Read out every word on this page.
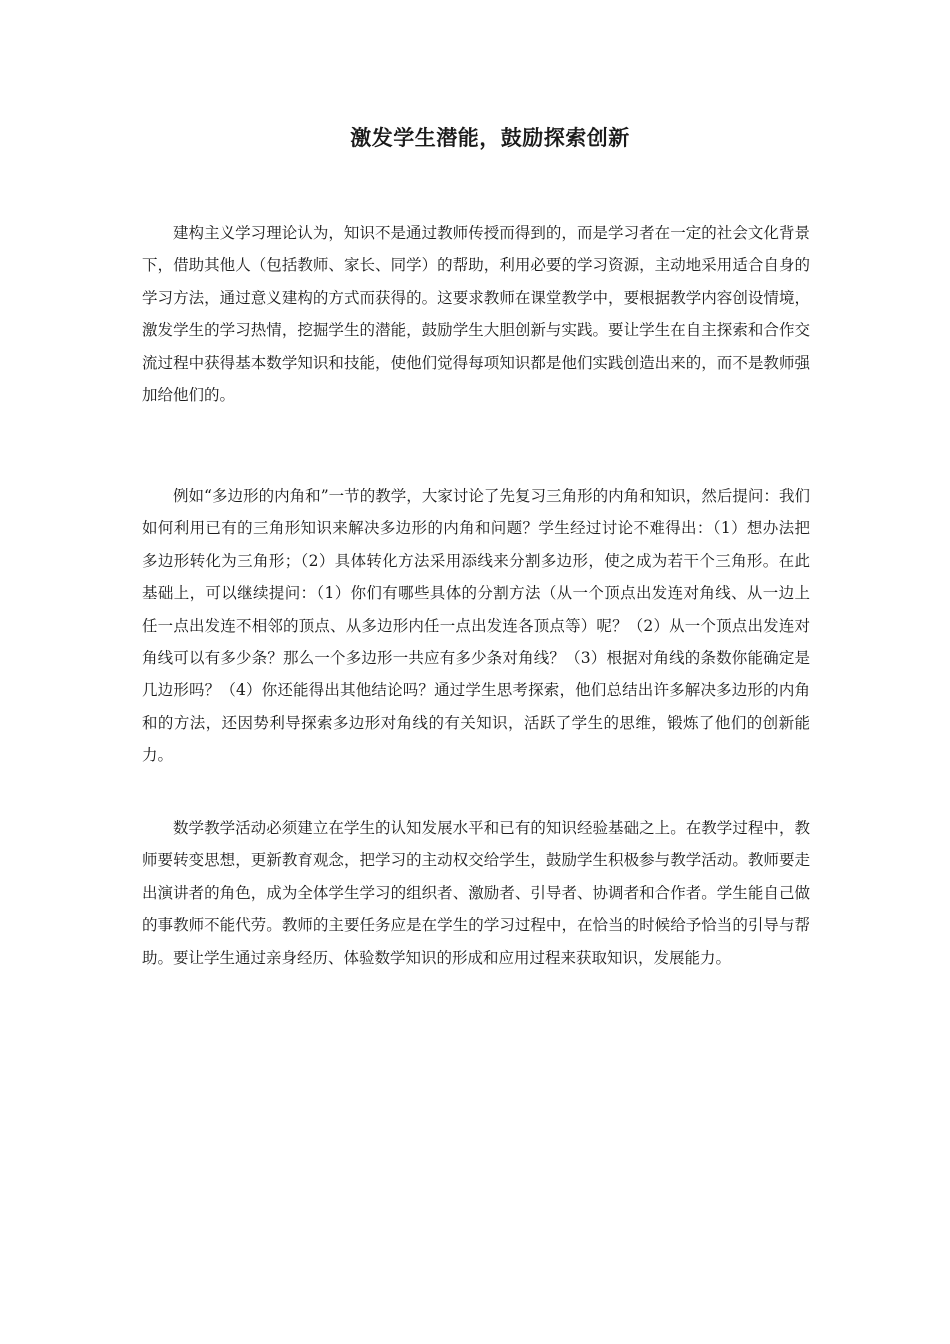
激发学生潜能，鼓励探索创新

建构主义学习理论认为，知识不是通过教师传授而得到的，而是学习者在一定的社会文化背景下，借助其他人（包括教师、家长、同学）的帮助，利用必要的学习资源，主动地采用适合自身的学习方法，通过意义建构的方式而获得的。这要求教师在课堂教学中，要根据教学内容创设情境，激发学生的学习热情，挖掘学生的潜能，鼓励学生大胆创新与实践。要让学生在自主探索和合作交流过程中获得基本数学知识和技能，使他们觉得每项知识都是他们实践创造出来的，而不是教师强加给他们的。

例如“多边形的内角和”一节的教学，大家讨论了先复习三角形的内角和知识，然后提问：我们如何利用已有的三角形知识来解决多边形的内角和问题？学生经过讨论不难得出：（1）想办法把多边形转化为三角形；（2）具体转化方法采用添线来分割多边形，使之成为若干个三角形。在此基础上，可以继续提问：（1）你们有哪些具体的分割方法（从一个顶点出发连对角线、从一边上任一点出发连不相邻的顶点、从多边形内任一点出发连各顶点等）呢？（2）从一个顶点出发连对角线可以有多少条？那么一个多边形一共应有多少条对角线？（3）根据对角线的条数你能确定是几边形吗？（4）你还能得出其他结论吗？通过学生思考探索，他们总结出许多解决多边形的内角和的方法，还因势利导探索多边形对角线的有关知识，活跃了学生的思维，锻炼了他们的创新能力。

数学教学活动必须建立在学生的认知发展水平和已有的知识经验基础之上。在教学过程中，教师要转变思想，更新教育观念，把学习的主动权交给学生，鼓励学生积极参与教学活动。教师要走出演讲者的角色，成为全体学生学习的组织者、激励者、引导者、协调者和合作者。学生能自己做的事教师不能代劳。教师的主要任务应是在学生的学习过程中，在恰当的时候给予恰当的引导与帮助。要让学生通过亲身经历、体验数学知识的形成和应用过程来获取知识，发展能力。
